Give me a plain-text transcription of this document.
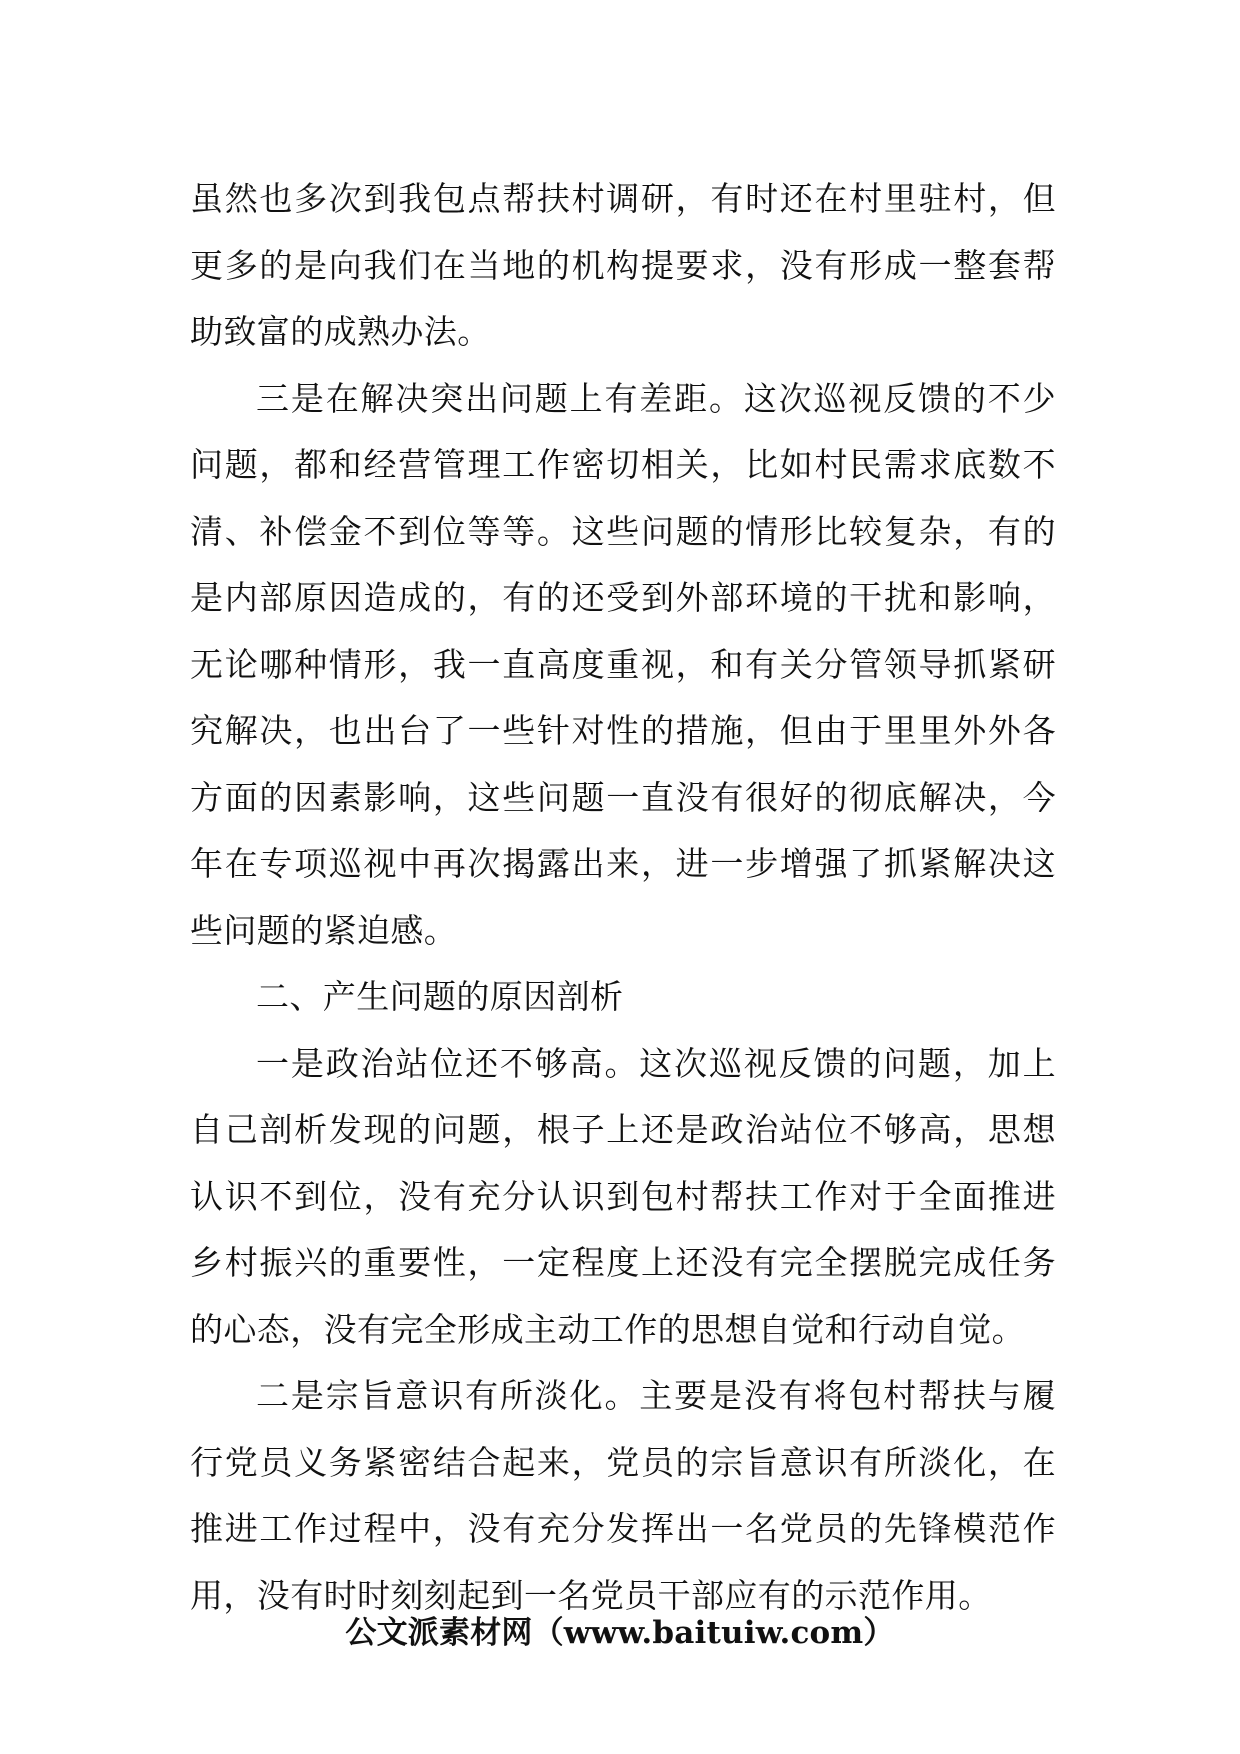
虽然也多次到我包点帮扶村调研，有时还在村里驻村，但更多的是向我们在当地的机构提要求，没有形成一整套帮助致富的成熟办法。

三是在解决突出问题上有差距。这次巡视反馈的不少问题，都和经营管理工作密切相关，比如村民需求底数不清、补偿金不到位等等。这些问题的情形比较复杂，有的是内部原因造成的，有的还受到外部环境的干扰和影响，无论哪种情形，我一直高度重视，和有关分管领导抓紧研究解决，也出台了一些针对性的措施，但由于里里外外各方面的因素影响，这些问题一直没有很好的彻底解决，今年在专项巡视中再次揭露出来，进一步增强了抓紧解决这些问题的紧迫感。

二、产生问题的原因剖析

一是政治站位还不够高。这次巡视反馈的问题，加上自己剖析发现的问题，根子上还是政治站位不够高，思想认识不到位，没有充分认识到包村帮扶工作对于全面推进乡村振兴的重要性，一定程度上还没有完全摆脱完成任务的心态，没有完全形成主动工作的思想自觉和行动自觉。

二是宗旨意识有所淡化。主要是没有将包村帮扶与履行党员义务紧密结合起来，党员的宗旨意识有所淡化，在推进工作过程中，没有充分发挥出一名党员的先锋模范作用，没有时时刻刻起到一名党员干部应有的示范作用。

公文派素材网（www.baituiw.com）
